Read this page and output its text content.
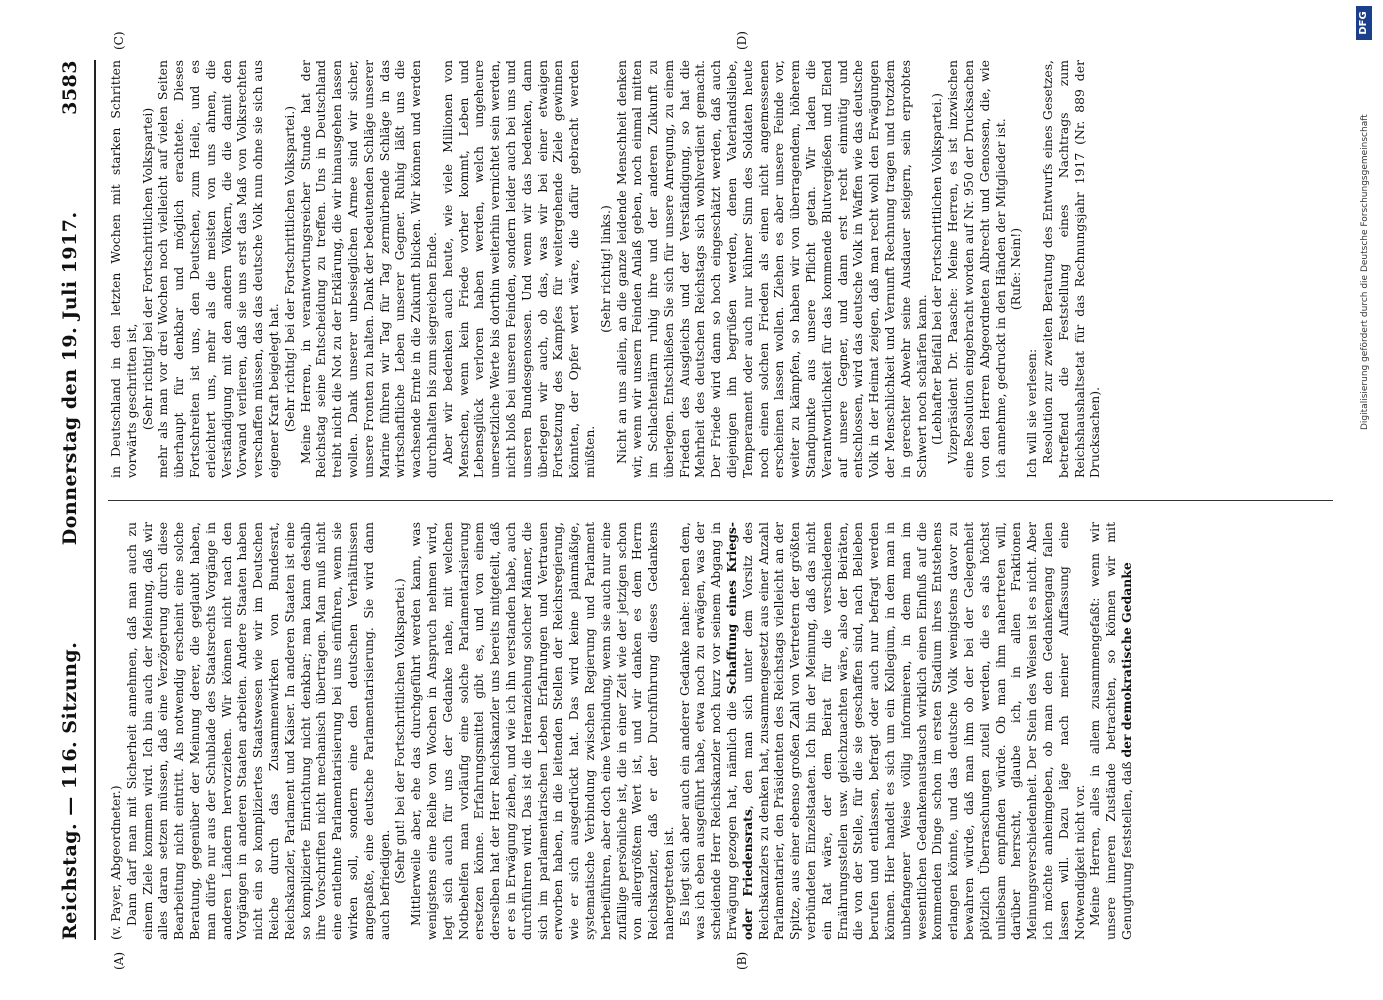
Reichstag. — 116. Sitzung.
Donnerstag den 19. Juli 1917.
3583
(A)	(B)
(C)	(D)

(v. Payer, Abgeordneter.) Dann darf man mit Sicherheit annehmen, daß man auch zu einem Ziele kommen wird. Ich bin auch der Meinung, daß wir alles daran setzen müssen, daß eine Verzögerung durch diese Bearbeitung nicht eintritt. Als notwendig erscheint eine solche Beratung, gegenüber der Meinung derer, die geglaubt haben, man dürfe nur aus der Schublade des Staatsrechts Vorgänge in anderen Ländern hervorziehen. Wir können nicht nach den Vorgängen in anderen Staaten arbeiten. Andere Staaten haben nicht ein so kompliziertes Staatswesen wie wir im Deutschen Reiche durch das Zusammenwirken von Bundesrat, Reichskanzler, Parlament und Kaiser. In anderen Staaten ist eine so komplizierte Einrichtung nicht denkbar; man kann deshalb ihre Vorschriften nicht mechanisch übertragen. Man muß nicht eine entlehnte Parlamentarisierung bei uns einführen, wenn sie wirken soll, sondern eine den deutschen Verhältnissen angepaßte, eine deutsche Parlamentarisierung. Sie wird dann auch befriedigen.

(Sehr gut! bei der Fortschrittlichen Volkspartei.) Mittlerweile aber, ehe das durchgeführt werden kann, was wenigstens eine Reihe von Wochen in Anspruch nehmen wird, legt sich auch für uns der Gedanke nahe, mit welchen Notbehelfen man vorläufig eine solche Parlamentarisierung ersetzen könne. Erfahrungsmittel gibt es, und von einem derselben hat der Herr Reichskanzler uns bereits mitgeteilt, daß er es in Erwägung ziehen, und wie ich ihn verstanden habe, auch durchführen wird. Das ist die Heranziehung solcher Männer, die sich im parlamentarischen Leben Erfahrungen und Vertrauen erworben haben, in die leitenden Stellen der Reichsregierung, wie er sich ausgedrückt hat. Das wird keine planmäßige, systematische Verbindung zwischen Regierung und Parlament herbeiführen, aber doch eine Verbindung, wenn sie auch nur eine zufällige persönliche ist, die in einer Zeit wie der jetzigen schon von allergrößtem Wert ist, und wir danken es dem Herrn Reichskanzler, daß er der Durchführung dieses Gedankens nahergetreten ist. Es liegt sich aber auch ein anderer Gedanke nahe: neben dem, was ich eben ausgeführt habe, etwa noch zu erwägen, was der scheidende Herr Reichskanzler noch kurz vor seinem Abgang in Erwägung gezogen hat, nämlich die Schaffung eines Kriegs- oder Friedensrats, den man sich unter dem Vorsitz des Reichskanzlers zu denken hat, zusammengesetzt aus einer Anzahl Parlamentarier, den Präsidenten des Reichstags vielleicht an der Spitze, aus einer ebenso großen Zahl von Vertretern der größten verbündeten Einzelstaaten. Ich bin der Meinung, daß das nicht ein Rat wäre, der dem Beirat für die verschiedenen Ernährungsstellen usw. gleichzuachten wäre, also der Beiräten, die von der Stelle, für die sie geschaffen sind, nach Belieben berufen und entlassen, befragt oder auch nur befragt werden können. Hier handelt es sich um ein Kollegium, in dem man in unbefangener Weise völlig informieren, in dem man im wesentlichen Gedankenaustausch wirklich einen Einfluß auf die kommenden Dinge schon im ersten Stadium ihres Entstehens erlangen könnte, und das deutsche Volk wenigstens davor zu bewahren würde, daß man ihm ob der bei der Gelegenheit plötzlich Überraschungen zuteil werden, die es als höchst unliebsam empfinden würde. Ob man ihm nahertreten will, darüber herrscht, glaube ich, in allen Fraktionen Meinungsverschiedenheit. Der Stein des Weisen ist es nicht. Aber ich möchte anheimgeben, ob man den Gedankengang fallen lassen will. Dazu läge nach meiner Auffassung eine Notwendigkeit nicht vor. Meine Herren, alles in allem zusammengefaßt: wenn wir unsere inneren Zustände betrachten, so können wir mit Genugtuung feststellen, daß der demokratische Gedanke

in Deutschland in den letzten Wochen mit starken Schritten vorwärts geschritten ist, (Sehr richtig! bei der Fortschrittlichen Volkspartei) mehr als man vor drei Wochen noch vielleicht auf vielen Seiten überhaupt für denkbar und möglich erachtete. Dieses Fortschreiten ist uns, den Deutschen, zum Heile, und es erleichtert uns, mehr als die meisten von uns ahnen, die Verständigung mit den andern Völkern, die die damit den Vorwand verlieren, daß sie uns erst das Maß von Volksrechten verschaffen müssen, das das deutsche Volk nun ohne sie sich aus eigener Kraft beigelegt hat. (Sehr richtig! bei der Fortschrittlichen Volkspartei.) Meine Herren, in verantwortungsreicher Stunde hat der Reichstag seine Entscheidung zu treffen. Uns in Deutschland treibt nicht die Not zu der Erklärung, die wir hinausgehen lassen wollen. Dank unserer unbesieglichen Armee sind wir sicher, unsere Fronten zu halten. Dank der bedeutenden Schläge unserer Marine führen wir Tag für Tag zermürbende Schläge in das wirtschaftliche Leben unserer Gegner. Ruhig läßt uns die wachsende Ernte in die Zukunft blicken. Wir können und werden durchhalten bis zum siegreichen Ende. Aber wir bedenken auch heute, wie viele Millionen von Menschen, wenn kein Friede vorher kommt, Leben und Lebensglück verloren haben werden, welch ungeheure unersetzliche Werte bis dorthin weiterhin vernichtet sein werden, nicht bloß bei unseren Feinden, sondern leider auch bei uns und unseren Bundesgenossen. Und wenn wir das bedenken, dann überlegen wir auch, ob das, was wir bei einer etwaigen Fortsetzung des Kampfes für weitergehende Ziele gewinnen könnten, der Opfer wert wäre, die dafür gebracht werden müßten.

(Sehr richtig! links.) Nicht an uns allein, an die ganze leidende Menschheit denken wir, wenn wir unsern Feinden Anlaß geben, noch einmal mitten im Schlachtenlärm ruhig ihre und der anderen Zukunft zu überlegen. Entschließen Sie sich für unsere Anregung, zu einem Frieden des Ausgleichs und der Verständigung, so hat die Mehrheit des deutschen Reichstags sich wohlverdient gemacht. Der Friede wird dann so hoch eingeschätzt werden, daß auch diejenigen ihn begrüßen werden, denen Vaterlandsliebe, Temperament oder auch nur kühner Sinn des Soldaten heute noch einen solchen Frieden als einen nicht angemessenen erscheinen lassen wollen. Ziehen es aber unsere Feinde vor, weiter zu kämpfen, so haben wir von überragendem, höherem Standpunkte aus unsere Pflicht getan. Wir laden die Verantwortlichkeit für das kommende Blutvergießen und Elend auf unsere Gegner, und dann erst recht einmütig und entschlossen, wird das deutsche Volk in Waffen wie das deutsche Volk in der Heimat zeigen, daß man recht wohl den Erwägungen der Menschlichkeit und Vernunft Rechnung tragen und trotzdem in gerechter Abwehr seine Ausdauer steigern, sein erprobtes Schwert noch schärfen kann. (Lebhafter Beifall bei der Fortschrittlichen Volkspartei.) Vizepräsident Dr. Paasche: Meine Herren, es ist inzwischen eine Resolution eingebracht worden auf Nr. 950 der Drucksachen von den Herren Abgeordneten Albrecht und Genossen, die, wie ich annehme, gedruckt in den Händen der Mitglieder ist. (Rufe: Nein!)

Ich will sie verlesen: Resolution zur zweiten Beratung des Entwurfs eines Gesetzes, betreffend die Feststellung eines Nachtrags zum Reichshaushaltsetat für das Rechnungsjahr 1917 (Nr. 889 der Drucksachen).

Digitalisierung gefördert durch die Deutsche Forschungsgemeinschaft
DFG
